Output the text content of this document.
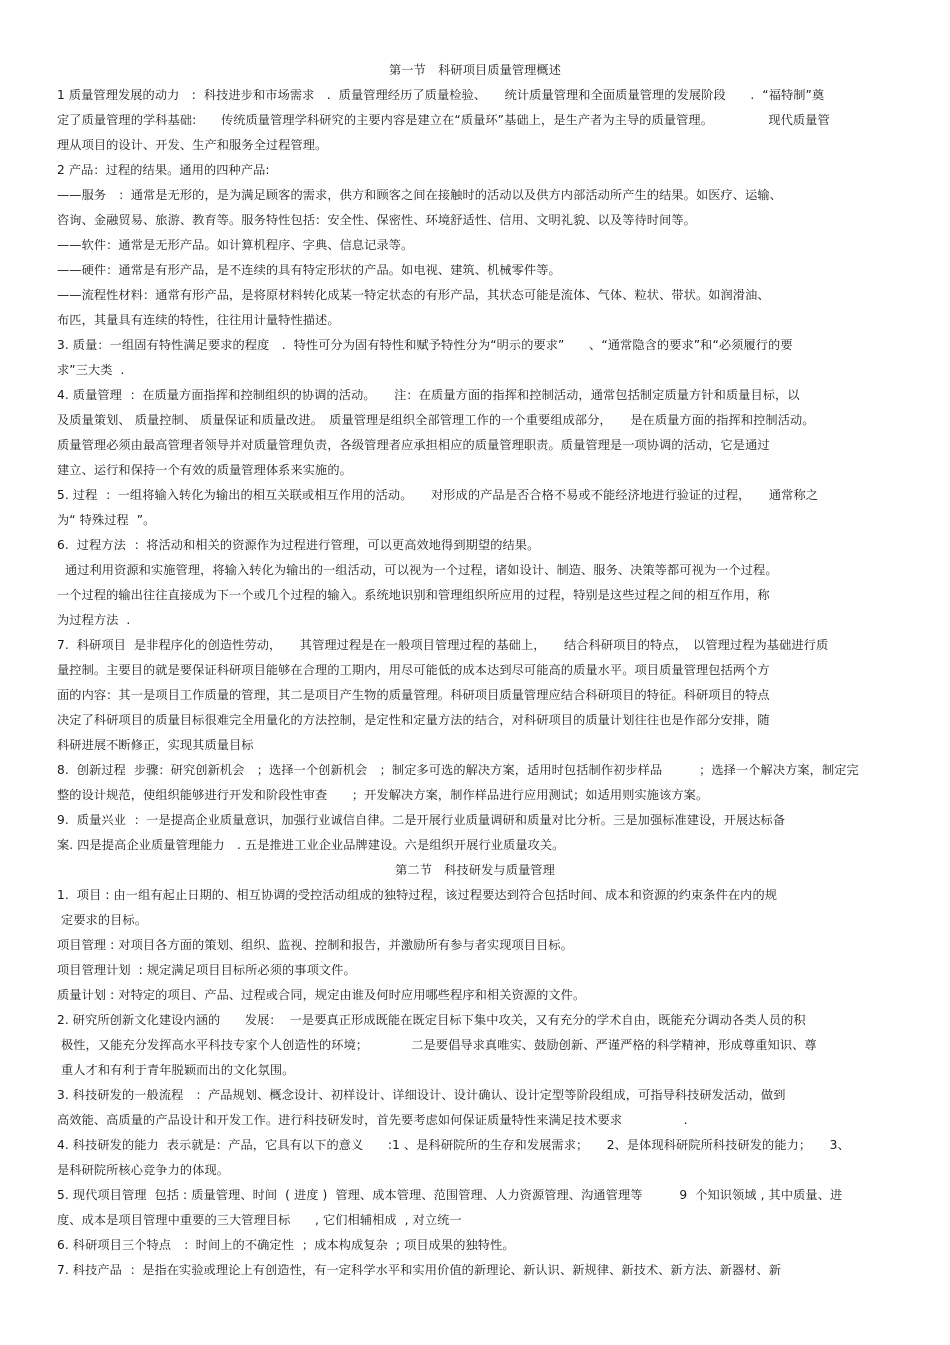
第一节　科研项目质量管理概述
1 质量管理发展的动力　:  科技进步和市场需求　.  质量管理经历了质量检验、　　统计质量管理和全面质量管理的发展阶段　　.  “福特制”奠
定了质量管理的学科基础:　　传统质量管理学科研究的主要内容是建立在“质量环”基础上，是生产者为主导的质量管理。　　　　　现代质量管
理从项目的设计、开发、生产和服务全过程管理。
2 产品：过程的结果。通用的四种产品:
——服务　：通常是无形的，是为满足顾客的需求，供方和顾客之间在接触时的活动以及供方内部活动所产生的结果。如医疗、运输、
咨询、金融贸易、旅游、教育等。服务特性包括：安全性、保密性、环境舒适性、信用、文明礼貌、以及等待时间等。
——软件：通常是无形产品。如计算机程序、字典、信息记录等。
——硬件：通常是有形产品，是不连续的具有特定形状的产品。如电视、建筑、机械零件等。
——流程性材料：通常有形产品，是将原材料转化成某一特定状态的有形产品，其状态可能是流体、气体、粒状、带状。如润滑油、
布匹，其量具有连续的特性，往往用计量特性描述。
3. 质量：一组固有特性满足要求的程度　.  特性可分为固有特性和赋予特性分为“明示的要求”　　、“通常隐含的要求”和“必须履行的要
求”三大类  .
4. 质量管理  ：在质量方面指挥和控制组织的协调的活动。　　注：在质量方面的指挥和控制活动，通常包括制定质量方针和质量目标，以
及质量策划、 质量控制、 质量保证和质量改进。　质量管理是组织全部管理工作的一个重要组成部分，　　是在质量方面的指挥和控制活动。
质量管理必须由最高管理者领导并对质量管理负责，各级管理者应承担相应的质量管理职责。质量管理是一项协调的活动，它是通过
建立、运行和保持一个有效的质量管理体系来实施的。
5. 过程  ：一组将输入转化为输出的相互关联或相互作用的活动。　　对形成的产品是否合格不易或不能经济地进行验证的过程，　　通常称之
为“ 特殊过程  ”。
6.  过程方法  ：将活动和相关的资源作为过程进行管理，可以更高效地得到期望的结果。
通过利用资源和实施管理，将输入转化为输出的一组活动，可以视为一个过程，诸如设计、制造、服务、决策等都可视为一个过程。
一个过程的输出往往直接成为下一个或几个过程的输入。系统地识别和管理组织所应用的过程，特别是这些过程之间的相互作用，称
为过程方法  .
7.  科研项目  是非程序化的创造性劳动，　　其管理过程是在一般项目管理过程的基础上，　　结合科研项目的特点，　以管理过程为基础进行质
量控制。主要目的就是要保证科研项目能够在合理的工期内，用尽可能低的成本达到尽可能高的质量水平。项目质量管理包括两个方
面的内容：其一是项目工作质量的管理，其二是项目产生物的质量管理。科研项目质量管理应结合科研项目的特征。科研项目的特点
决定了科研项目的质量目标很难完全用量化的方法控制，是定性和定量方法的结合，对科研项目的质量计划往往也是作部分安排，随
科研进展不断修正，实现其质量目标
8.  创新过程  步骤：研究创新机会　；选择一个创新机会　；制定多可选的解决方案，适用时包括制作初步样品　　　；选择一个解决方案，制定完
整的设计规范，使组织能够进行开发和阶段性审查　　；开发解决方案，制作样品进行应用测试；如适用则实施该方案。
9.  质量兴业  ：一是提高企业质量意识，加强行业诚信自律。二是开展行业质量调研和质量对比分析。三是加强标准建设，开展达标备
案. 四是提高企业质量管理能力　. 五是推进工业企业品牌建设。六是组织开展行业质量攻关。
第二节　科技研发与质量管理
1.  项目 : 由一组有起止日期的、相互协调的受控活动组成的独特过程，该过程要达到符合包括时间、成本和资源的约束条件在内的规
定要求的目标。
项目管理 : 对项目各方面的策划、组织、监视、控制和报告，并激励所有参与者实现项目目标。
项目管理计划  : 规定满足项目目标所必须的事项文件。
质量计划 : 对特定的项目、产品、过程或合同，规定由谁及何时应用哪些程序和相关资源的文件。
2. 研究所创新文化建设内涵的　　发展：  一是要真正形成既能在既定目标下集中攻关，又有充分的学术自由，既能充分调动各类人员的积
极性，又能充分发挥高水平科技专家个人创造性的环境；　　　　二是要倡导求真唯实、鼓励创新、严谨严格的科学精神，形成尊重知识、尊
重人才和有利于青年脱颖而出的文化氛围。
3. 科技研发的一般流程　：产品规划、概念设计、初样设计、详细设计、设计确认、设计定型等阶段组成，可指导科技研发活动，做到
高效能、高质量的产品设计和开发工作。进行科技研发时，首先要考虑如何保证质量特性来满足技术要求　　　　　.
4. 科技研发的能力  表示就是：产品，它具有以下的意义　　:1 、是科研院所的生存和发展需求；　　2、是体现科研院所科技研发的能力；　　3、
是科研院所核心竞争力的体现。
5. 现代项目管理  包括 : 质量管理、时间  ( 进度 )  管理、成本管理、范围管理、人力资源管理、沟通管理等　　　9  个知识领域 , 其中质量、进
度、成本是项目管理中重要的三大管理目标　　, 它们相辅相成  , 对立统一
6. 科研项目三个特点　：时间上的不确定性  ；成本构成复杂  ; 项目成果的独特性。
7. 科技产品  ：是指在实验或理论上有创造性，有一定科学水平和实用价值的新理论、新认识、新规律、新技术、新方法、新器材、新
